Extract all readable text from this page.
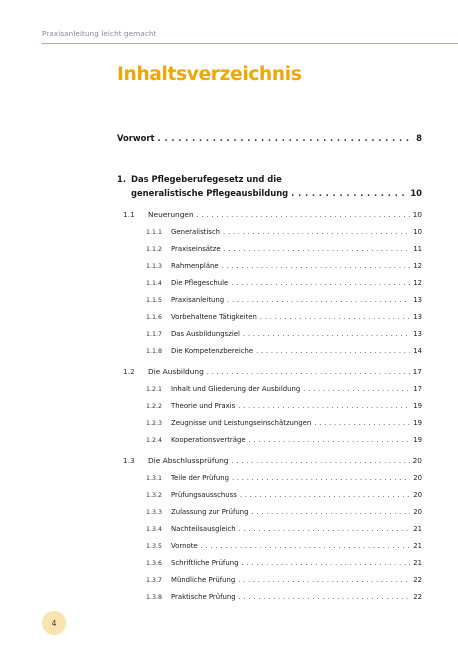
Praxisanleitung leicht gemacht
Inhaltsverzeichnis
Vorwort . . .	8
1. Das Pflegeberufegesetz und die
generalistische Pflegeausbildung . . .	10
1.1	Neuerungen . . .	10
1.1.1	Generalistisch . . .	10
1.1.2	Praxiseinsätze . . .	11
1.1.3	Rahmenpläne . . .	12
1.1.4	Die Pflegeschule . . .	12
1.1.5	Praxisanleitung . . .	13
1.1.6	Vorbehaltene Tätigkeiten . . .	13
1.1.7	Das Ausbildungsziel . . .	13
1.1.8	Die Kompetenzbereiche . . .	14
1.2	Die Ausbildung . . .	17
1.2.1	Inhalt und Gliederung der Ausbildung . . .	17
1.2.2	Theorie und Praxis . . .	19
1.2.3	Zeugnisse und Leistungseinschätzungen . . .	19
1.2.4	Kooperationsverträge . . .	19
1.3	Die Abschlussprüfung . . .	20
1.3.1	Teile der Prüfung . . .	20
1.3.2	Prüfungsausschuss . . .	20
1.3.3	Zulassung zur Prüfung . . .	20
1.3.4	Nachteilsausgleich . . .	21
1.3.5	Vornote . . .	21
1.3.6	Schriftliche Prüfung . . .	21
1.3.7	Mündliche Prüfung . . .	22
1.3.8	Praktische Prüfung . . .	22
4
